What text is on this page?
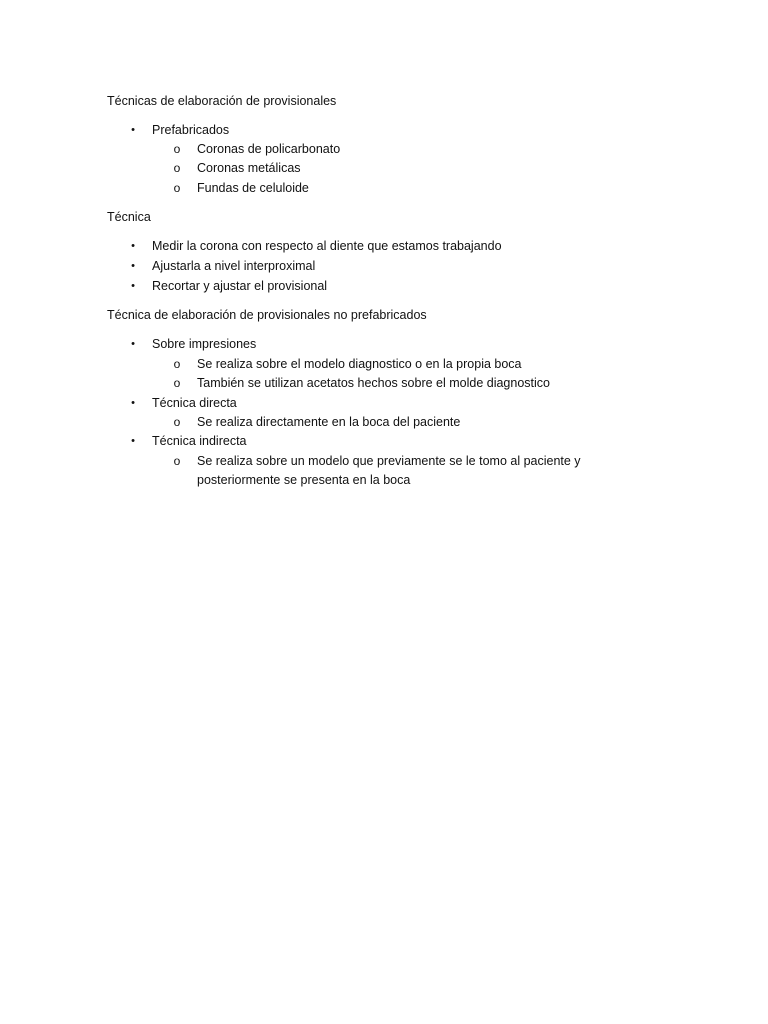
Técnicas de elaboración de provisionales
• Prefabricados
o Coronas de policarbonato
o Coronas metálicas
o Fundas de celuloide
Técnica
• Medir la corona con respecto al diente que estamos trabajando
• Ajustarla a nivel interproximal
• Recortar y ajustar el provisional
Técnica de elaboración de provisionales no prefabricados
• Sobre impresiones
o Se realiza sobre el modelo diagnostico o en la propia boca
o También se utilizan acetatos hechos sobre el molde diagnostico
• Técnica directa
o Se realiza directamente en la boca del paciente
• Técnica indirecta
o Se realiza sobre un modelo que previamente se le tomo al paciente y
posteriormente se presenta en la boca
